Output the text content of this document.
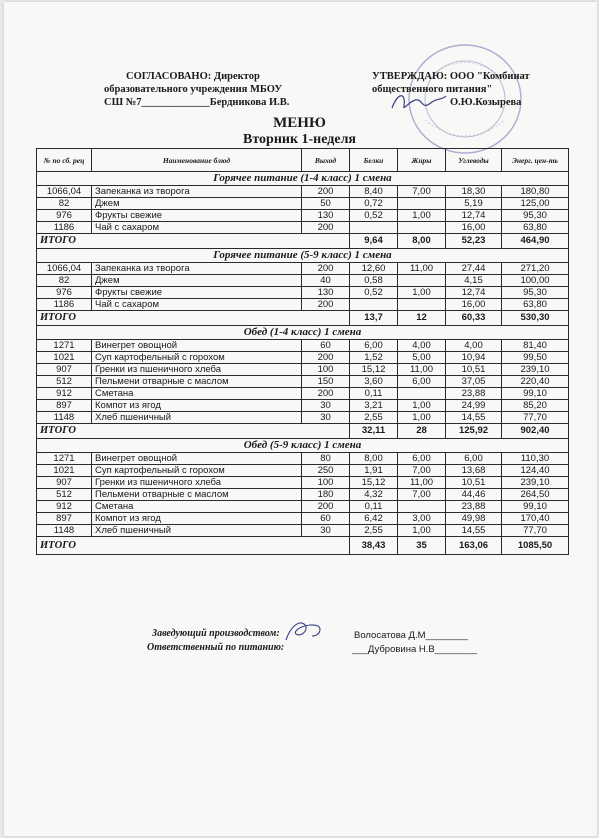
СОГЛАСОВАНО: Директор
образовательного учреждения МБОУ
СШ №7_____________Бердникова И.В.
УТВЕРЖДАЮ: ООО "Комбинат
общественного питания"
О.Ю.Козырева
МЕНЮ
Вторник 1-неделя
№ по сб. рец	Наименование блюд	Выход	Белки	Жиры	Углеводы	Энерг. цен-ть
Горячее питание (1-4 класс) 1 смена						
1066,04	Запеканка из творога	200	8,40	7,00	18,30	180,80
82	Джем	50	0,72		5,19	125,00
976	Фрукты свежие	130	0,52	1,00	12,74	95,30
1186	Чай с сахаром	200			16,00	63,80
ИТОГО			9,64	8,00	52,23	464,90
Горячее питание (5-9 класс) 1 смена						
1066,04	Запеканка из творога	200	12,60	11,00	27,44	271,20
82	Джем	40	0,58		4,15	100,00
976	Фрукты свежие	130	0,52	1,00	12,74	95,30
1186	Чай с сахаром	200			16,00	63,80
ИТОГО			13,7	12	60,33	530,30
Обед (1-4 класс) 1 смена						
1271	Винегрет овощной	60	6,00	4,00	4,00	81,40
1021	Суп картофельный с горохом	200	1,52	5,00	10,94	99,50
907	Гренки из пшеничного хлеба	100	15,12	11,00	10,51	239,10
512	Пельмени отварные с маслом	150	3,60	6,00	37,05	220,40
912	Сметана	200	0,11		23,88	99,10
897	Компот из ягод	30	3,21	1,00	24,99	85,20
1148	Хлеб пшеничный	30	2,55	1,00	14,55	77,70
ИТОГО			32,11	28	125,92	902,40
Обед (5-9 класс) 1 смена						
1271	Винегрет овощной	80	8,00	6,00	6,00	110,30
1021	Суп картофельный с горохом	250	1,91	7,00	13,68	124,40
907	Гренки из пшеничного хлеба	100	15,12	11,00	10,51	239,10
512	Пельмени отварные с маслом	180	4,32	7,00	44,46	264,50
912	Сметана	200	0,11		23,88	99,10
897	Компот из ягод	60	6,42	3,00	49,98	170,40
1148	Хлеб пшеничный	30	2,55	1,00	14,55	77,70
ИТОГО			38,43	35	163,06	1085,50
Заведующий производством:
Ответственный по питанию:
Волосатова Д.М________
___Дубровина Н.В________
